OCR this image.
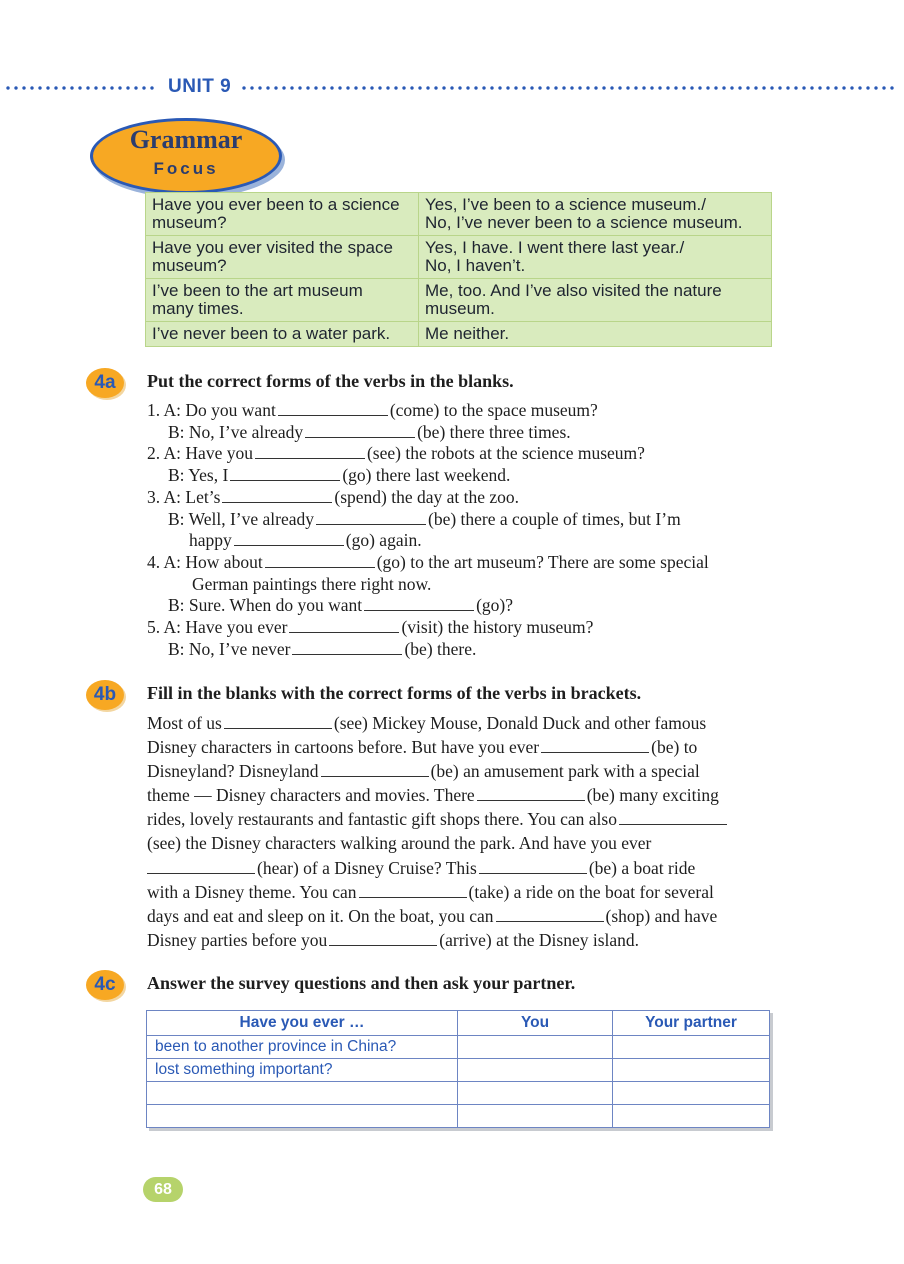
UNIT 9
Grammar
Focus
Have you ever been to a science
museum?	Yes, I’ve been to a science museum./
No, I’ve never been to a science museum.
Have you ever visited the space
museum?	Yes, I have. I went there last year./
No, I haven’t.
I’ve been to the art museum
many times.	Me, too. And I’ve also visited the nature
museum.
I’ve never been to a water park.	Me neither.
4a	Put the correct forms of the verbs in the blanks.
1. A: Do you want	(come) to the space museum?
B: No, I’ve already	(be) there three times.
2. A: Have you	(see) the robots at the science museum?
B: Yes, I	(go) there last weekend.
3. A: Let’s	(spend) the day at the zoo.
B: Well, I’ve already	(be) there a couple of times, but I’m
happy	(go) again.
4. A: How about	(go) to the art museum? There are some special
German paintings there right now.
B: Sure. When do you want	(go)?
5. A: Have you ever	(visit) the history museum?
B: No, I’ve never	(be) there.
4b	Fill in the blanks with the correct forms of the verbs in brackets.
Most of us	(see) Mickey Mouse, Donald Duck and other famous
Disney characters in cartoons before. But have you ever	(be) to
Disneyland? Disneyland	(be) an amusement park with a special
theme — Disney characters and movies. There	(be) many exciting
rides, lovely restaurants and fantastic gift shops there. You can also
(see) the Disney characters walking around the park. And have you ever
(hear) of a Disney Cruise? This	(be) a boat ride
with a Disney theme. You can	(take) a ride on the boat for several
days and eat and sleep on it. On the boat, you can	(shop) and have
Disney parties before you	(arrive) at the Disney island.
4c	Answer the survey questions and then ask your partner.
Have you ever …	You	Your partner
been to another province in China?		
lost something important?		

68
